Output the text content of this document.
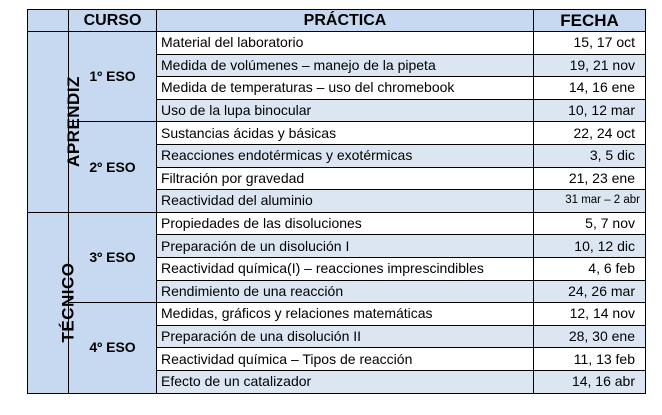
	CURSO	PRÁCTICA	FECHA
APRENDIZ	1º ESO	Material del laboratorio	15, 17 oct
		Medida de volúmenes – manejo de la pipeta	19, 21 nov
		Medida de temperaturas – uso del chromebook	14, 16 ene
		Uso de la lupa binocular	10, 12 mar
	2º ESO	Sustancias ácidas y básicas	22, 24 oct
		Reacciones endotérmicas y exotérmicas	3, 5 dic
		Filtración por gravedad	21, 23 ene
		Reactividad del aluminio	31 mar – 2 abr
TÉCNICO	3º ESO	Propiedades de las disoluciones	5, 7 nov
		Preparación de un disolución I	10, 12 dic
		Reactividad química(I) – reacciones imprescindibles	4, 6 feb
		Rendimiento de una reacción	24, 26 mar
	4º ESO	Medidas, gráficos y relaciones matemáticas	12, 14 nov
		Preparación de una disolución II	28, 30 ene
		Reactividad química – Tipos de reacción	11, 13 feb
		Efecto de un catalizador	14, 16 abr
